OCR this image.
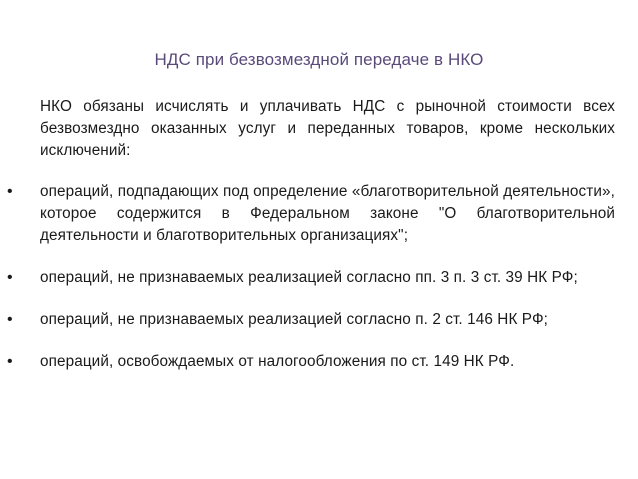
НДС при безвозмездной передаче в НКО
НКО обязаны исчислять и уплачивать НДС с рыночной стоимости всех безвозмездно оказанных услуг и переданных товаров, кроме нескольких исключений:
• операций, подпадающих под определение «благотворительной деятельности», которое содержится в Федеральном законе "О благотворительной деятельности и благотворительных организациях";
• операций, не признаваемых реализацией согласно пп. 3 п. 3 ст. 39 НК РФ;
• операций, не признаваемых реализацией согласно п. 2 ст. 146 НК РФ;
• операций, освобождаемых от налогообложения по ст. 149 НК РФ.
